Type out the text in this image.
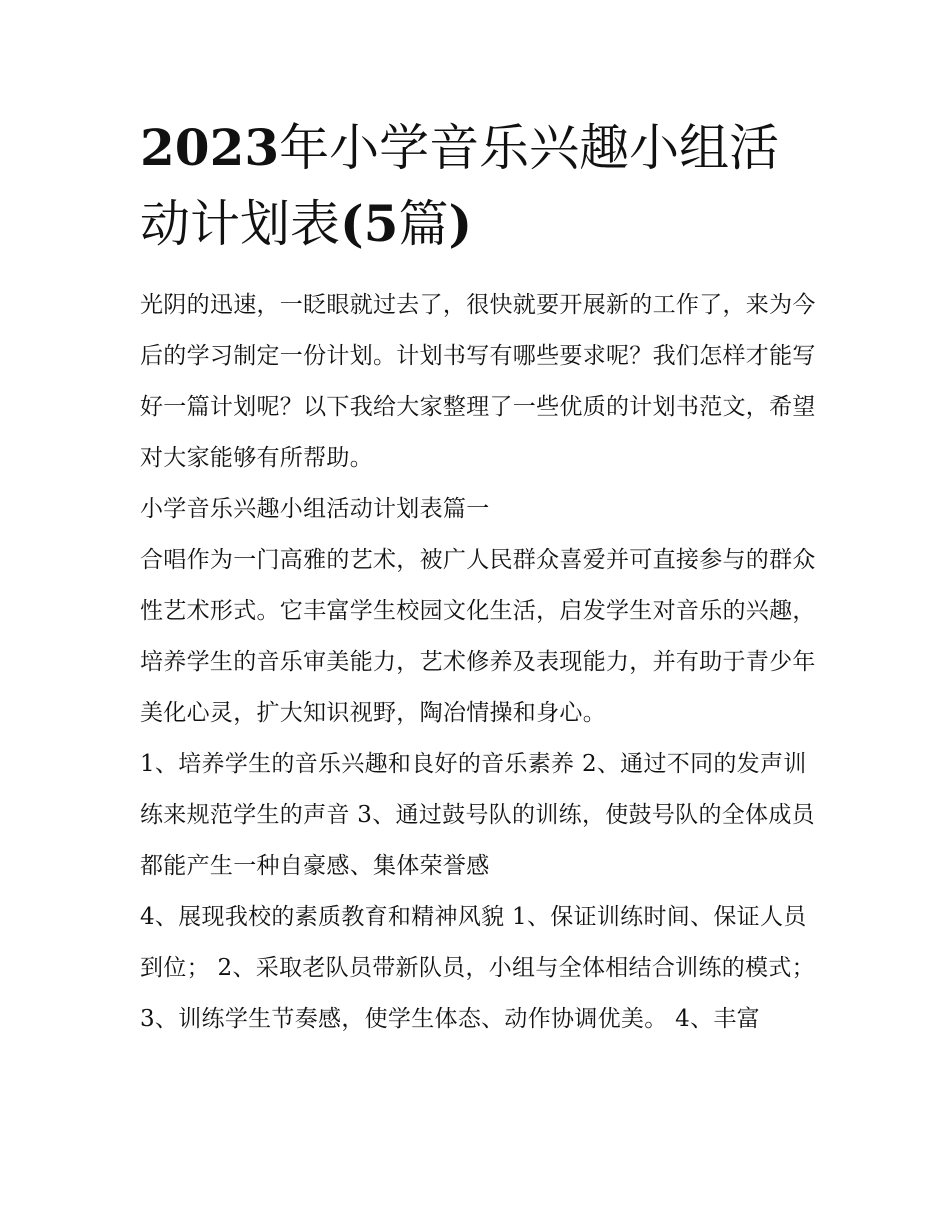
2023年小学音乐兴趣小组活动计划表(5篇)

光阴的迅速，一眨眼就过去了，很快就要开展新的工作了，来为今后的学习制定一份计划。计划书写有哪些要求呢？我们怎样才能写好一篇计划呢？以下我给大家整理了一些优质的计划书范文，希望对大家能够有所帮助。

小学音乐兴趣小组活动计划表篇一

合唱作为一门高雅的艺术，被广人民群众喜爱并可直接参与的群众性艺术形式。它丰富学生校园文化生活，启发学生对音乐的兴趣，培养学生的音乐审美能力，艺术修养及表现能力，并有助于青少年美化心灵，扩大知识视野，陶冶情操和身心。

1、培养学生的音乐兴趣和良好的音乐素养 2、通过不同的发声训练来规范学生的声音 3、通过鼓号队的训练，使鼓号队的全体成员都能产生一种自豪感、集体荣誉感

4、展现我校的素质教育和精神风貌 1、保证训练时间、保证人员到位； 2、采取老队员带新队员，小组与全体相结合训练的模式；

3、训练学生节奏感，使学生体态、动作协调优美。 4、丰富
